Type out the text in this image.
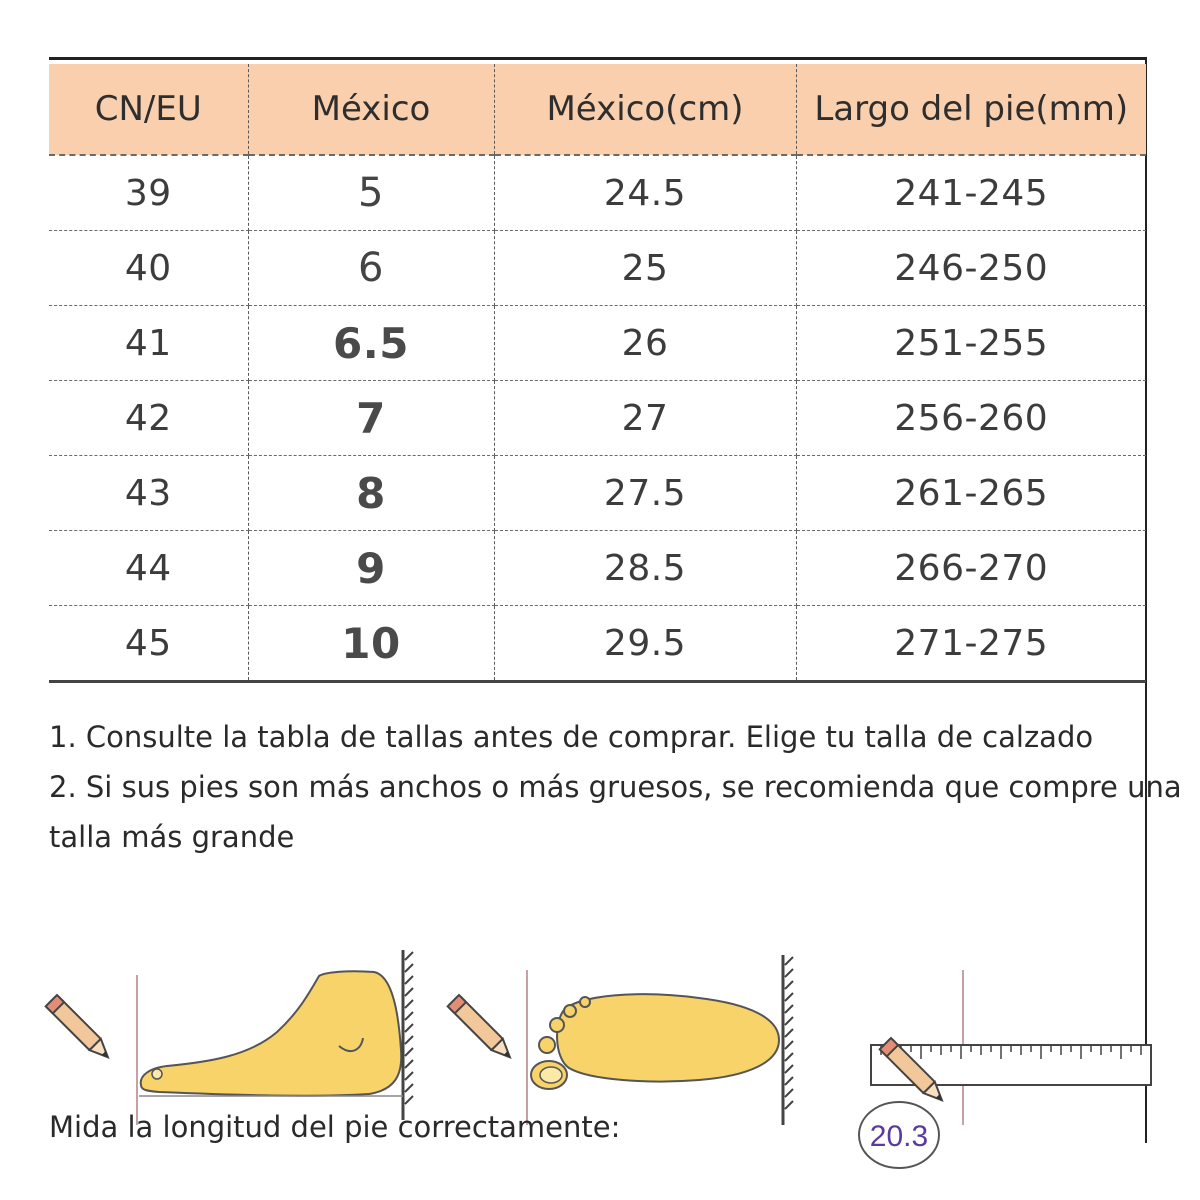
CN/EU	México	México(cm)	Largo del pie(mm)
39	5	24.5	241-245
40	6	25	246-250
41	6.5	26	251-255
42	7	27	256-260
43	8	27.5	261-265
44	9	28.5	266-270
45	10	29.5	271-275

1. Consulte la tabla de tallas antes de comprar. Elige tu talla de calzado

2. Si sus pies son más anchos o más gruesos, se recomienda que compre una

talla más grande

20.3
Mida la longitud del pie correctamente:
